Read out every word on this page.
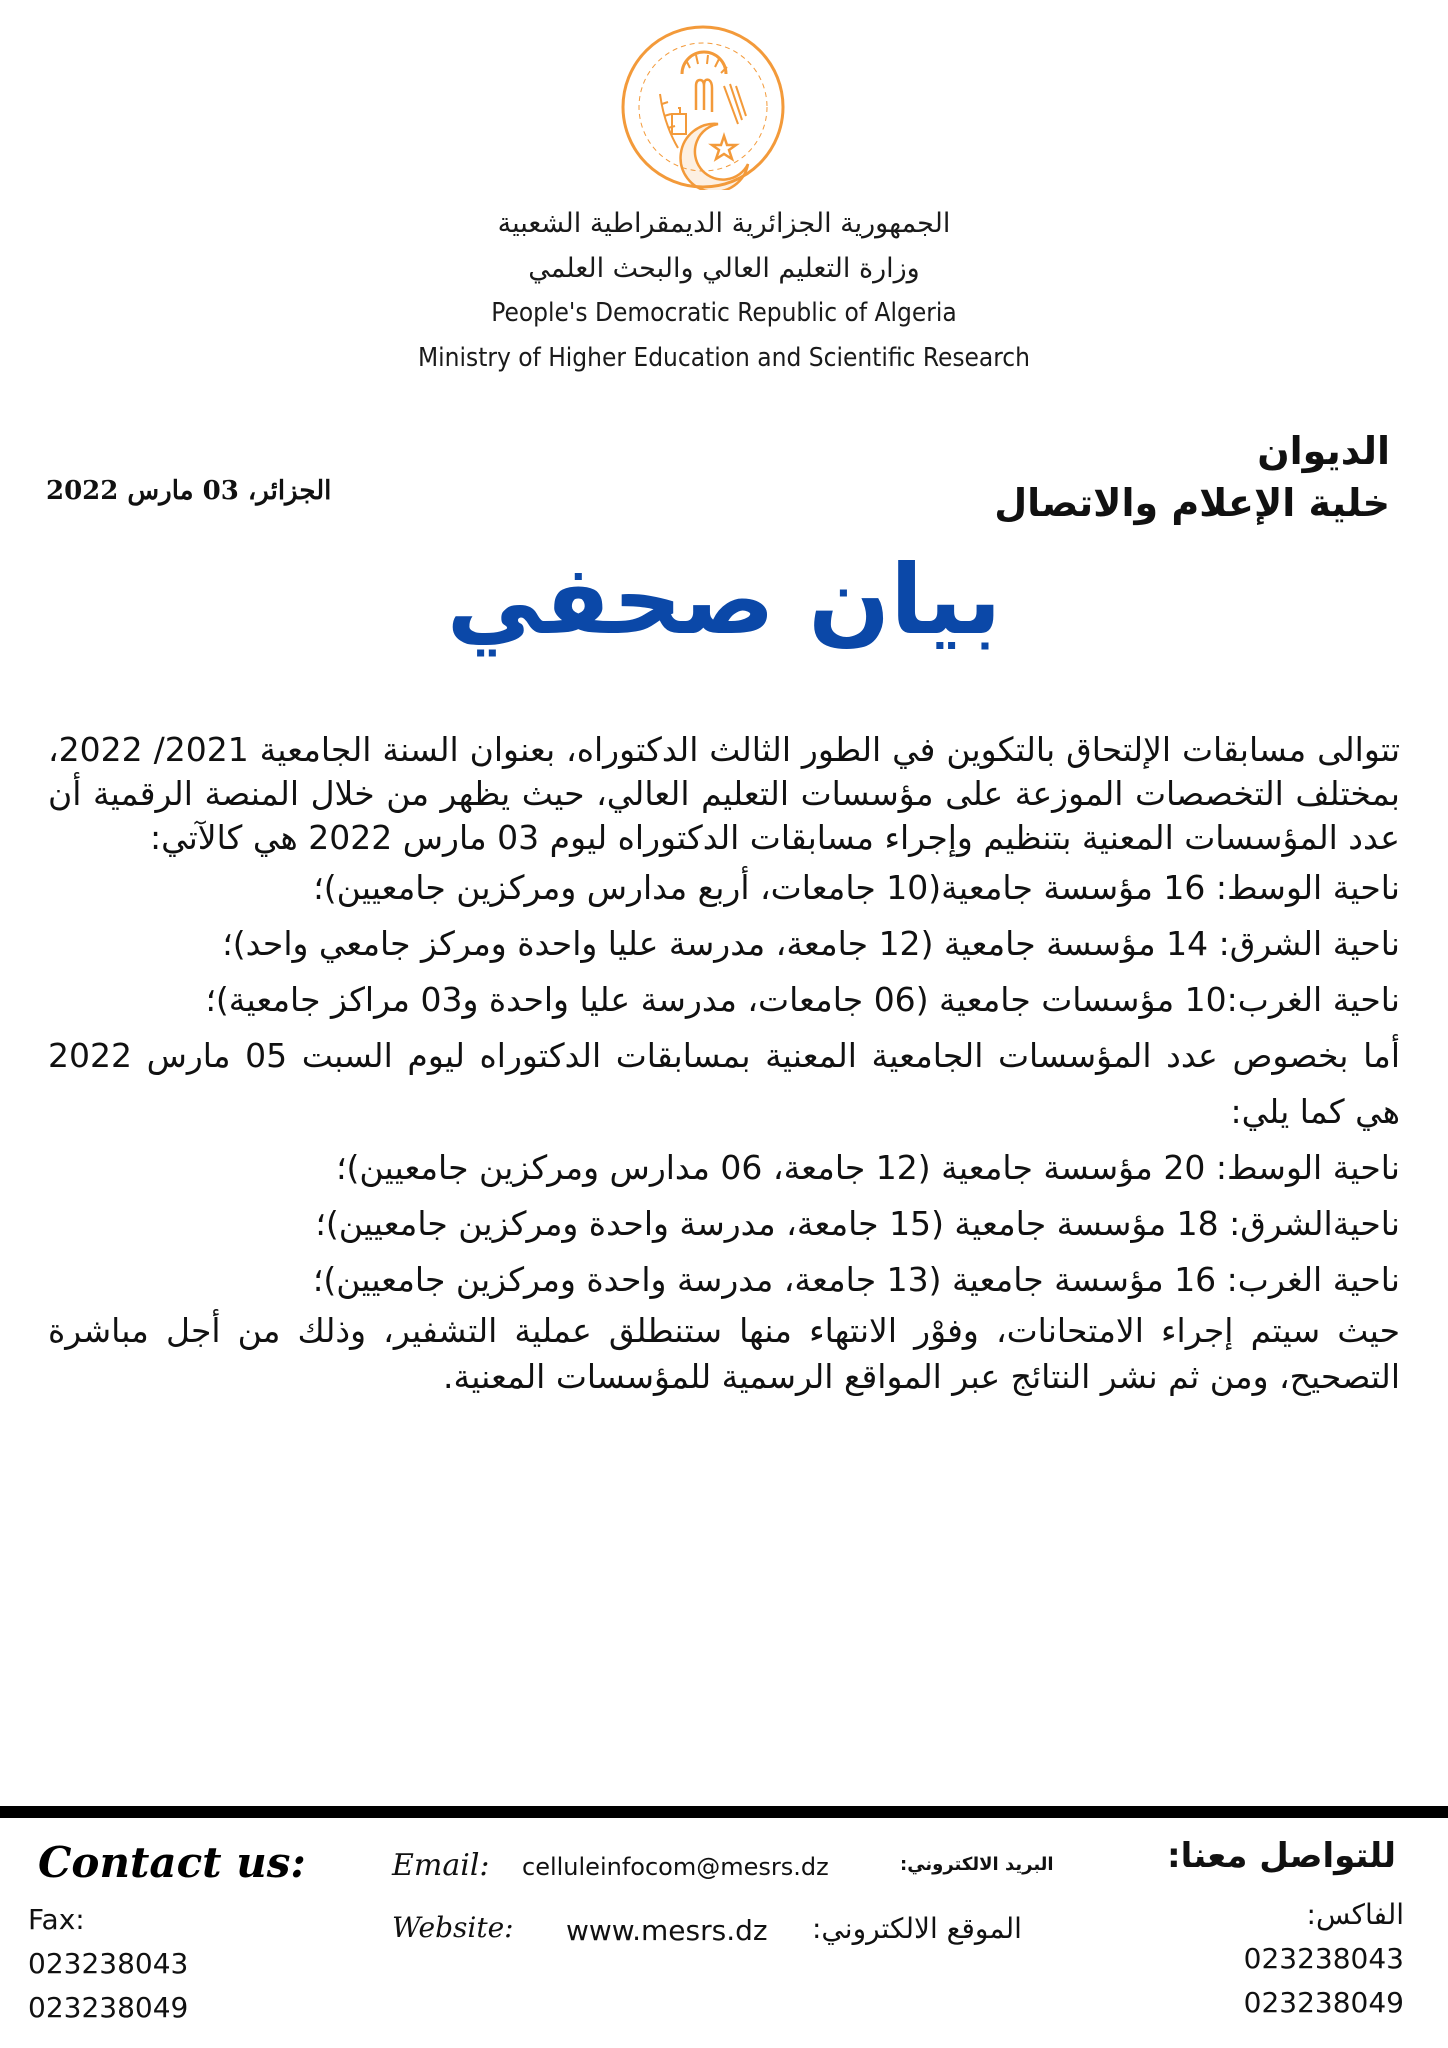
الجمهورية الجزائرية الديمقراطية الشعبية
وزارة التعليم العالي والبحث العلمي
People's Democratic Republic of Algeria
Ministry of Higher Education and Scientific Research
الديوان
خلية الإعلام والاتصال
الجزائر، 03 مارس 2022
بيان صحفي

تتوالى مسابقات الإلتحاق بالتكوين في الطور الثالث الدكتوراه، بعنوان السنة الجامعية 2021/ 2022، بمختلف التخصصات الموزعة على مؤسسات التعليم العالي، حيث يظهر من خلال المنصة الرقمية أن عدد المؤسسات المعنية بتنظيم وإجراء مسابقات الدكتوراه ليوم 03 مارس 2022 هي كالآتي:

ناحية الوسط: 16 مؤسسة جامعية(10 جامعات، أربع مدارس ومركزين جامعيين)؛

ناحية الشرق: 14 مؤسسة جامعية (12 جامعة، مدرسة عليا واحدة ومركز جامعي واحد)؛

ناحية الغرب:10 مؤسسات جامعية (06 جامعات، مدرسة عليا واحدة و03 مراكز جامعية)؛

أما بخصوص عدد المؤسسات الجامعية المعنية بمسابقات الدكتوراه ليوم السبت 05 مارس 2022 هي كما يلي:

ناحية الوسط: 20 مؤسسة جامعية (12 جامعة، 06 مدارس ومركزين جامعيين)؛

ناحيةالشرق: 18 مؤسسة جامعية (15 جامعة، مدرسة واحدة ومركزين جامعيين)؛

ناحية الغرب: 16 مؤسسة جامعية (13 جامعة، مدرسة واحدة ومركزين جامعيين)؛

حيث سيتم إجراء الامتحانات، وفوْر الانتهاء منها ستنطلق عملية التشفير، وذلك من أجل مباشرة التصحيح، ومن ثم نشر النتائج عبر المواقع الرسمية للمؤسسات المعنية.

Contact us:
Fax:
023238043
023238049
Email: celluleinfocom@mesrs.dz	البريد الالكتروني:
Website: www.mesrs.dz الموقع الالكتروني:
للتواصل معنا:
الفاكس:
023238043
023238049
